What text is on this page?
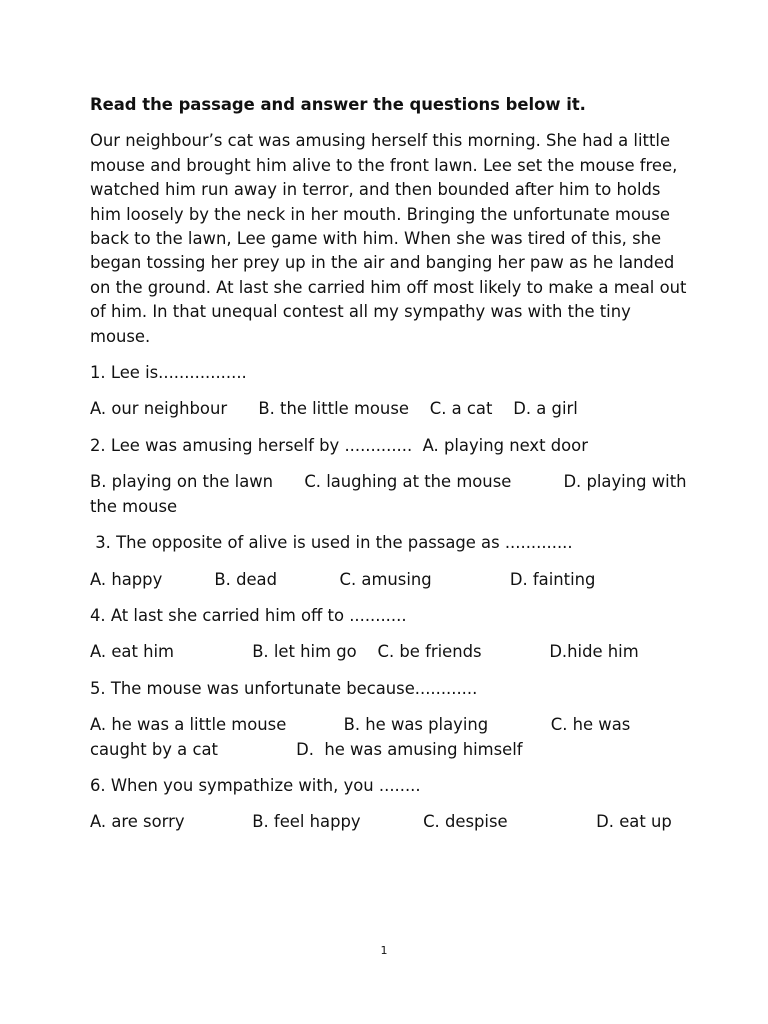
Read the passage and answer the questions below it.
Our neighbour’s cat was amusing herself this morning. She had a little mouse and brought him alive to the front lawn. Lee set the mouse free, watched him run away in terror, and then bounded after him to holds him loosely by the neck in her mouth. Bringing the unfortunate mouse back to the lawn, Lee game with him. When she was tired of this, she began tossing her prey up in the air and banging her paw as he landed on the ground. At last she carried him off most likely to make a meal out of him. In that unequal contest all my sympathy was with the tiny mouse.
1. Lee is.................
A. our neighbour B. the little mouse C. a cat D. a girl
2. Lee was amusing herself by ............. A. playing next door
B. playing on the lawn C. laughing at the mouse	D. playing with the mouse
3. The opposite of alive is used in the passage as .............
A. happy	B. dead	C. amusing	D. fainting
4. At last she carried him off to ...........
A. eat him	B. let him go C. be friends	D.hide him
5. The mouse was unfortunate because............
A. he was a little mouse	B. he was playing	C. he was caught by a cat	D.  he was amusing himself
6. When you sympathize with, you ........
A. are sorry	B. feel happy	C. despise	D. eat up
1
